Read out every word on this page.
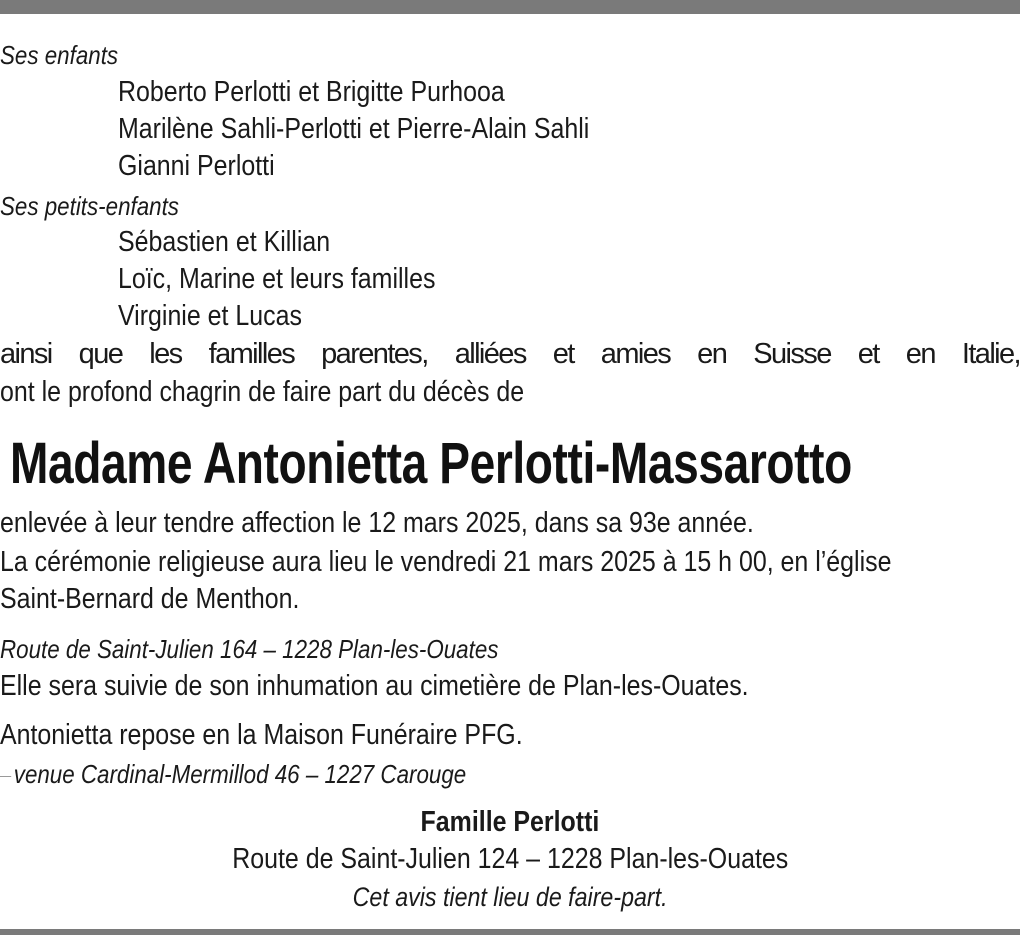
Ses enfants
Roberto Perlotti et Brigitte Purhooa
Marilène Sahli-Perlotti et Pierre-Alain Sahli
Gianni Perlotti
Ses petits-enfants
Sébastien et Killian
Loïc, Marine et leurs familles
Virginie et Lucas
ainsi que les familles parentes, alliées et amies en Suisse et en Italie,
ont le profond chagrin de faire part du décès de
Madame Antonietta Perlotti-Massarotto
enlevée à leur tendre affection le 12 mars 2025, dans sa 93e année.
La cérémonie religieuse aura lieu le vendredi 21 mars 2025 à 15 h 00, en l’église
Saint-Bernard de Menthon.
Route de Saint-Julien 164 – 1228 Plan-les-Ouates
Elle sera suivie de son inhumation au cimetière de Plan-les-Ouates.
Antonietta repose en la Maison Funéraire PFG.
venue Cardinal-Mermillod 46 – 1227 Carouge
Famille Perlotti
Route de Saint-Julien 124 – 1228 Plan-les-Ouates
Cet avis tient lieu de faire-part.
